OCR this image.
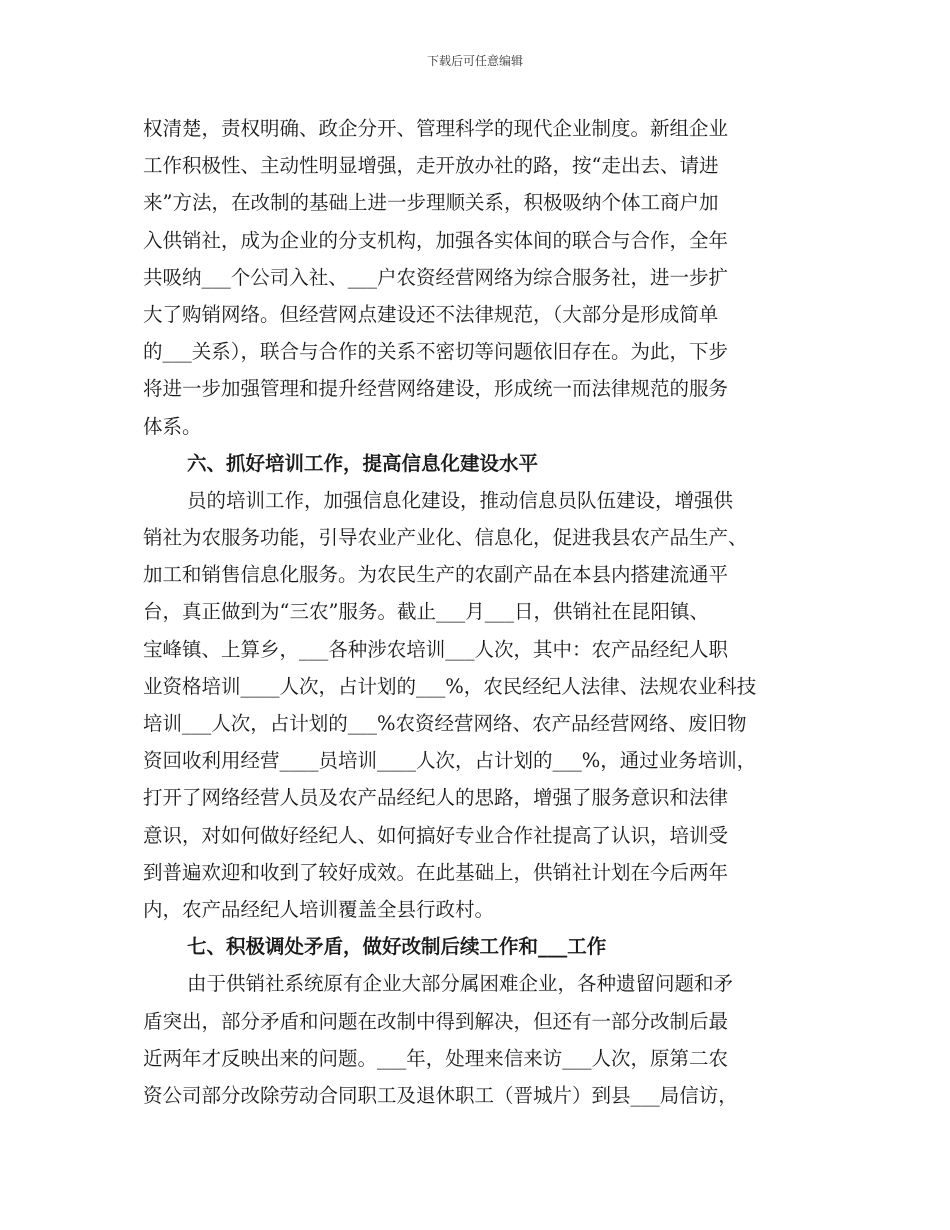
下载后可任意编辑
权清楚，责权明确、政企分开、管理科学的现代企业制度。新组企业
工作积极性、主动性明显增强，走开放办社的路，按“走出去、请进
来”方法，在改制的基础上进一步理顺关系，积极吸纳个体工商户加
入供销社，成为企业的分支机构，加强各实体间的联合与合作，全年
共吸纳___个公司入社、___户农资经营网络为综合服务社，进一步扩
大了购销网络。但经营网点建设还不法律规范，（大部分是形成简单
的___关系），联合与合作的关系不密切等问题依旧存在。为此，下步
将进一步加强管理和提升经营网络建设，形成统一而法律规范的服务
体系。
六、抓好培训工作，提高信息化建设水平
员的培训工作，加强信息化建设，推动信息员队伍建设，增强供
销社为农服务功能，引导农业产业化、信息化，促进我县农产品生产、
加工和销售信息化服务。为农民生产的农副产品在本县内搭建流通平
台，真正做到为“三农”服务。截止___月___日，供销社在昆阳镇、
宝峰镇、上算乡，___各种涉农培训___人次，其中：农产品经纪人职
业资格培训____人次，占计划的___%，农民经纪人法律、法规农业科技
培训___人次，占计划的___%农资经营网络、农产品经营网络、废旧物
资回收利用经营____员培训____人次，占计划的___%，通过业务培训，
打开了网络经营人员及农产品经纪人的思路，增强了服务意识和法律
意识，对如何做好经纪人、如何搞好专业合作社提高了认识，培训受
到普遍欢迎和收到了较好成效。在此基础上，供销社计划在今后两年
内，农产品经纪人培训覆盖全县行政村。
七、积极调处矛盾，做好改制后续工作和___工作
由于供销社系统原有企业大部分属困难企业，各种遗留问题和矛
盾突出，部分矛盾和问题在改制中得到解决，但还有一部分改制后最
近两年才反映出来的问题。___年，处理来信来访___人次，原第二农
资公司部分改除劳动合同职工及退休职工（晋城片）到县___局信访，
